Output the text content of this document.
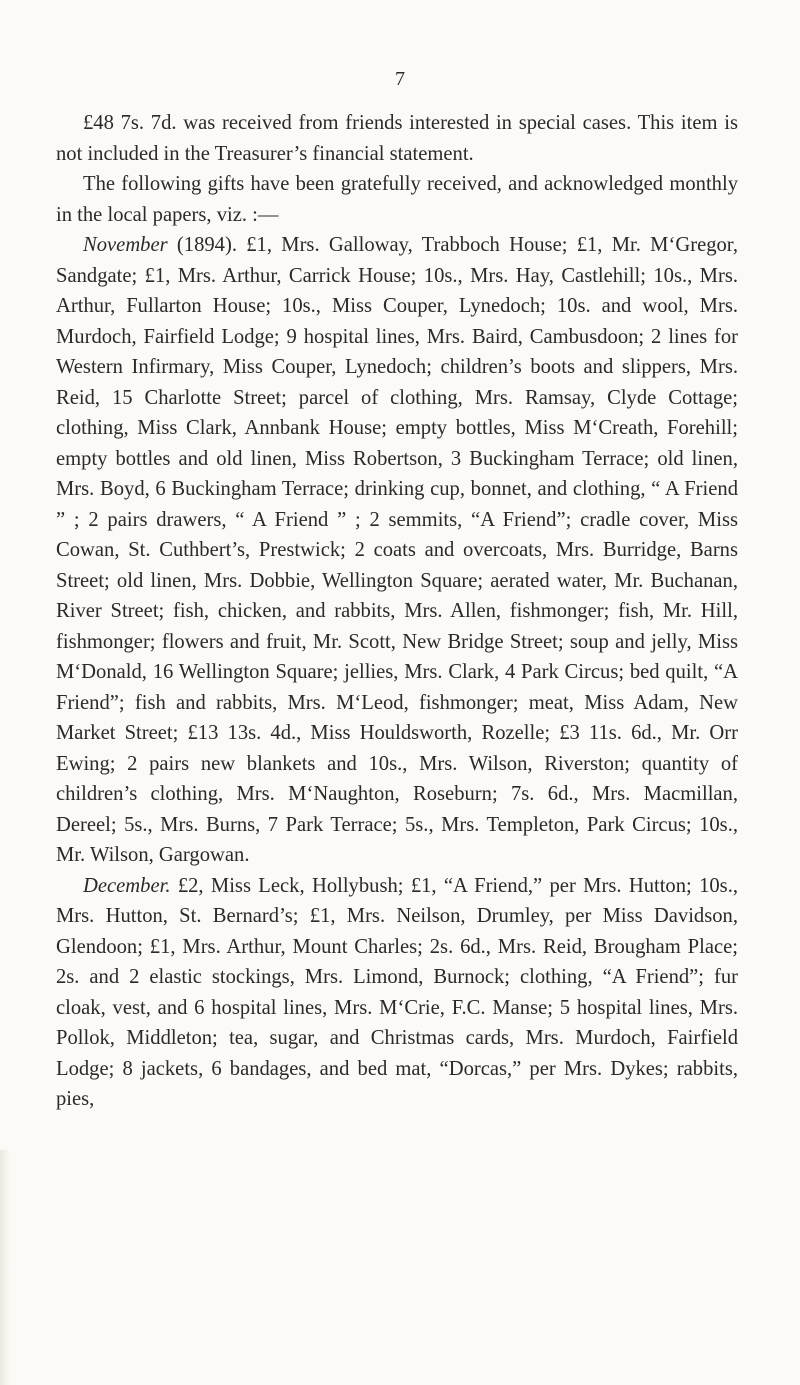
7

£48 7s. 7d. was received from friends interested in special cases. This item is not included in the Treasurer’s financial statement.

The following gifts have been gratefully received, and acknowledged monthly in the local papers, viz. :—

November (1894). £1, Mrs. Galloway, Trabboch House; £1, Mr. M‘Gregor, Sandgate; £1, Mrs. Arthur, Carrick House; 10s., Mrs. Hay, Castlehill; 10s., Mrs. Arthur, Fullarton House; 10s., Miss Couper, Lynedoch; 10s. and wool, Mrs. Murdoch, Fairfield Lodge; 9 hospital lines, Mrs. Baird, Cambusdoon; 2 lines for Western Infirmary, Miss Couper, Lynedoch; children’s boots and slippers, Mrs. Reid, 15 Charlotte Street; parcel of clothing, Mrs. Ramsay, Clyde Cottage; clothing, Miss Clark, Annbank House; empty bottles, Miss M‘Creath, Forehill; empty bottles and old linen, Miss Robertson, 3 Buckingham Terrace; old linen, Mrs. Boyd, 6 Buckingham Terrace; drinking cup, bonnet, and clothing, “ A Friend ” ; 2 pairs drawers, “ A Friend ” ; 2 semmits, “A Friend”; cradle cover, Miss Cowan, St. Cuthbert’s, Prestwick; 2 coats and overcoats, Mrs. Burridge, Barns Street; old linen, Mrs. Dobbie, Wellington Square; aerated water, Mr. Buchanan, River Street; fish, chicken, and rabbits, Mrs. Allen, fishmonger; fish, Mr. Hill, fishmonger; flowers and fruit, Mr. Scott, New Bridge Street; soup and jelly, Miss M‘Donald, 16 Wellington Square; jellies, Mrs. Clark, 4 Park Circus; bed quilt, “A Friend”; fish and rabbits, Mrs. M‘Leod, fishmonger; meat, Miss Adam, New Market Street; £13 13s. 4d., Miss Houldsworth, Rozelle; £3 11s. 6d., Mr. Orr Ewing; 2 pairs new blankets and 10s., Mrs. Wilson, Riverston; quantity of children’s clothing, Mrs. M‘Naughton, Roseburn; 7s. 6d., Mrs. Macmillan, Dereel; 5s., Mrs. Burns, 7 Park Terrace; 5s., Mrs. Templeton, Park Circus; 10s., Mr. Wilson, Gargowan.

December. £2, Miss Leck, Hollybush; £1, “A Friend,” per Mrs. Hutton; 10s., Mrs. Hutton, St. Bernard’s; £1, Mrs. Neilson, Drumley, per Miss Davidson, Glendoon; £1, Mrs. Arthur, Mount Charles; 2s. 6d., Mrs. Reid, Brougham Place; 2s. and 2 elastic stockings, Mrs. Limond, Burnock; clothing, “A Friend”; fur cloak, vest, and 6 hospital lines, Mrs. M‘Crie, F.C. Manse; 5 hospital lines, Mrs. Pollok, Middleton; tea, sugar, and Christmas cards, Mrs. Murdoch, Fairfield Lodge; 8 jackets, 6 bandages, and bed mat, “Dorcas,” per Mrs. Dykes; rabbits, pies,
